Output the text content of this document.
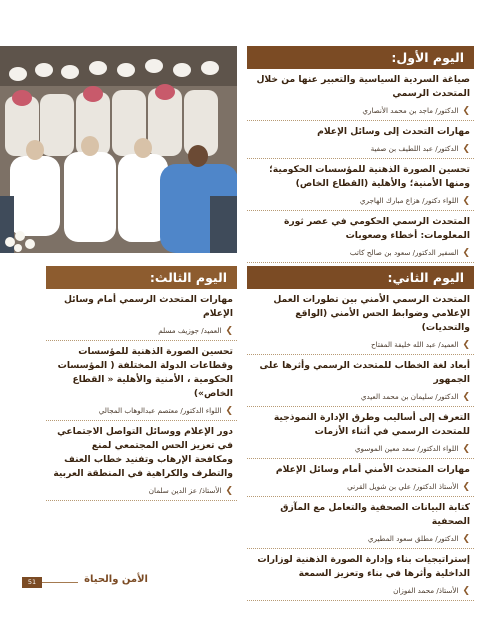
اليوم الأول:
صياغة السردية السياسية والتعبير عنها من خلال المتحدث الرسمي
❯الدكتور/ ماجد بن محمد الأنصاري
مهارات التحدث إلى وسائل الإعلام
❯الدكتور/ عبد اللطيف بن صفية
تحسين الصورة الذهنية للمؤسسات الحكومية؛ ومنها الأمنية؛ والأهلية (القطاع الخاص)
❯اللواء دكتور/ هزاع مبارك الهاجري
المتحدث الرسمي الحكومي في عصر ثورة المعلومات: أخطاء وصعوبات
❯السفير الدكتور/ سعود بن صالح كاتب
اليوم الثاني:
المتحدث الرسمي الأمني بين تطورات العمل الإعلامي وضوابط الحس الأمني (الواقع والتحديات)
❯العميد/ عبد الله خليفة المفتاح
أبعاد لغة الخطاب للمتحدث الرسمي وأثرها على الجمهور
❯الدكتور/ سليمان بن محمد العيدي
التعرف إلى أساليب وطرق الإدارة النموذجية للمتحدث الرسمي في أثناء الأزمات
❯اللواء الدكتور/ سعد معين الموسوي
مهارات المتحدث الأمني أمام وسائل الإعلام
❯الأستاذ الدكتور/ علي بن شويل القرني
كتابة البيانات الصحفية والتعامل مع المآزق الصحفية
❯الدكتور/ مطلق سعود المطيري
إستراتيجيات بناء وإدارة الصورة الذهنية لوزارات الداخلية وأثرها في بناء وتعزيز السمعة
❯الأستاذ/ محمد الفوزان
اليوم الثالث:
مهارات المتحدث الرسمي أمام وسائل الإعلام
❯العميد/ جوزيف مسلم
تحسين الصورة الذهنية للمؤسسات وقطاعات الدولة المختلفة ( المؤسسات الحكومية ، الأمنية والأهلية « القطاع الخاص»)
❯اللواء الدكتور/ معتصم عبدالوهاب المجالي
دور الإعلام ووسائل التواصل الاجتماعي في تعزيز الحس المجتمعي لمنع ومكافحة الإرهاب وتفنيد خطاب العنف والتطرف والكراهية في المنطقة العربية
❯الأستاذ/ عز الدين سلمان
51	الأمن والحياة
